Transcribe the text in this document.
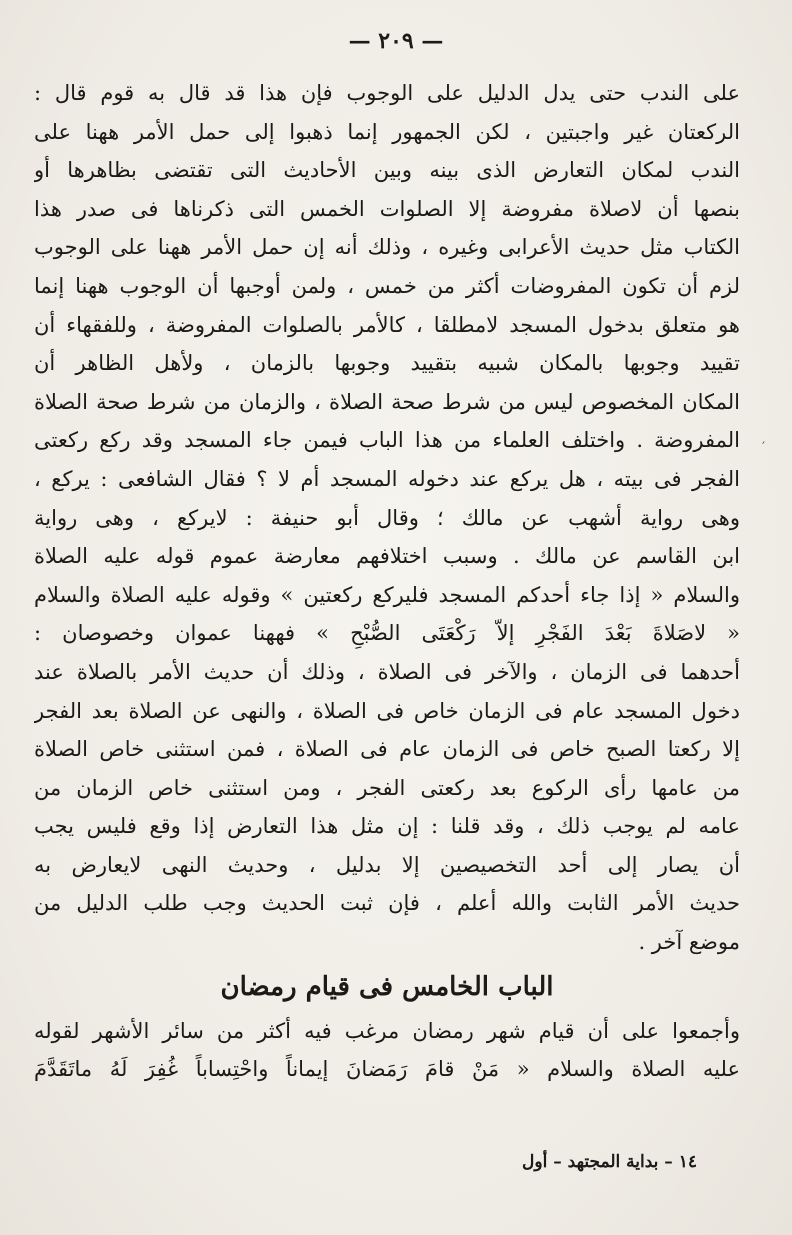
— ٢٠٩ —
على الندب حتى يدل الدليل على الوجوب فإن هذا قد قال به قوم قال :
الركعتان غير واجبتين ، لكن الجمهور إنما ذهبوا إلى حمل الأمر ههنا على
الندب لمكان التعارض الذى بينه وبين الأحاديث التى تقتضى بظاهرها أو
بنصها أن لاصلاة مفروضة إلا الصلوات الخمس التى ذكرناها فى صدر هذا
الكتاب مثل حديث الأعرابى وغيره ، وذلك أنه إن حمل الأمر ههنا على الوجوب
لزم أن تكون المفروضات أكثر من خمس ، ولمن أوجبها أن الوجوب ههنا إنما
هو متعلق بدخول المسجد لامطلقا ، كالأمر بالصلوات المفروضة ، وللفقهاء أن
تقييد وجوبها بالمكان شبيه بتقييد وجوبها بالزمان ، ولأهل الظاهر أن
المكان المخصوص ليس من شرط صحة الصلاة ، والزمان من شرط صحة الصلاة
المفروضة . واختلف العلماء من هذا الباب فيمن جاء المسجد وقد ركع ركعتى
الفجر فى بيته ، هل يركع عند دخوله المسجد أم لا ؟ فقال الشافعى : يركع ،
وهى رواية أشهب عن مالك ؛ وقال أبو حنيفة : لايركع ، وهى رواية
ابن القاسم عن مالك . وسبب اختلافهم معارضة عموم قوله عليه الصلاة
والسلام « إذا جاء أحدكم المسجد فليركع ركعتين » وقوله عليه الصلاة والسلام
« لاصَلاةَ بَعْدَ الفَجْرِ إلاّ رَكْعَتَى الصُّبْحِ » فههنا عموان وخصوصان :
أحدهما فى الزمان ، والآخر فى الصلاة ، وذلك أن حديث الأمر بالصلاة عند
دخول المسجد عام فى الزمان خاص فى الصلاة ، والنهى عن الصلاة بعد الفجر
إلا ركعتا الصبح خاص فى الزمان عام فى الصلاة ، فمن استثنى خاص الصلاة
من عامها رأى الركوع بعد ركعتى الفجر ، ومن استثنى خاص الزمان من
عامه لم يوجب ذلك ، وقد قلنا : إن مثل هذا التعارض إذا وقع فليس يجب
أن يصار إلى أحد التخصيصين إلا بدليل ، وحديث النهى لايعارض به
حديث الأمر الثابت والله أعلم ، فإن ثبت الحديث وجب طلب الدليل من
موضع آخر .
الباب الخامس فى قيام رمضان
وأجمعوا على أن قيام شهر رمضان مرغب فيه أكثر من سائر الأشهر لقوله
عليه الصلاة والسلام « مَنْ قامَ رَمَضانَ إيماناً واحْتِساباً غُفِرَ لَهُ ماتَقَدَّمَ
١٤ – بداية المجتهد – أول
′
